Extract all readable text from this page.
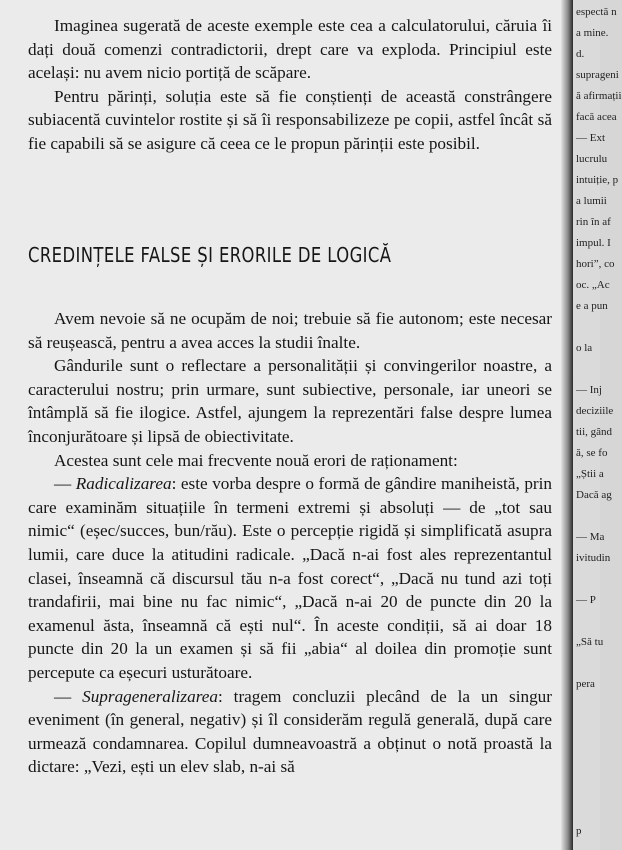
Imaginea sugerată de aceste exemple este cea a calculatorului, căruia îi dați două comenzi contradictorii, drept care va exploda. Principiul este același: nu avem nicio portiță de scăpare.

Pentru părinți, soluția este să fie conștienți de această constrângere subiacentă cuvintelor rostite și să îi responsabilizeze pe copii, astfel încât să fie capabili să se asigure că ceea ce le propun părinții este posibil.

CREDINȚELE FALSE ȘI ERORILE DE LOGICĂ

Avem nevoie să ne ocupăm de noi; trebuie să fie autonom; este necesar să reușească, pentru a avea acces la studii înalte.

Gândurile sunt o reflectare a personalității și convingerilor noastre, a caracterului nostru; prin urmare, sunt subiective, personale, iar uneori se întâmplă să fie ilogice. Astfel, ajungem la reprezentări false despre lumea înconjurătoare și lipsă de obiectivitate.

Acestea sunt cele mai frecvente nouă erori de raționament:

— Radicalizarea: este vorba despre o formă de gândire manihеistă, prin care examinăm situațiile în termeni extremi și absoluți — de „tot sau nimic“ (eșec/succes, bun/rău). Este o percepție rigidă și simplificată asupra lumii, care duce la atitudini radicale. „Dacă n-ai fost ales reprezentantul clasei, înseamnă că discursul tău n-a fost corect“, „Dacă nu tund azi toți trandafirii, mai bine nu fac nimic“, „Dacă n-ai 20 de puncte din 20 la examenul ăsta, înseamnă că ești nul“. În aceste condiții, să ai doar 18 puncte din 20 la un examen și să fii „abia“ al doilea din promoție sunt percepute ca eșecuri usturătoare.

— Suprageneralizarea: tragem concluzii plecând de la un singur eveniment (în general, negativ) și îl considerăm regulă generală, după care urmează condamnarea. Copilul dumneavoastră a obținut o notă proastă la dictare: „Vezi, ești un elev slab, n-ai să

espectă n
a mine.
d.
suprageni
ă afirmații
facă acea
— Ext
lucrulu
intuiție, p
a lumii
rin în af
impul. I
hori”, co
oc. „Ac
e a pun
o la
— Inj
deciziile
tii, gând
ă, se fo
„Știi a
Dacă ag
— Ma
ivitudin
— P
„Să tu
pera
p
